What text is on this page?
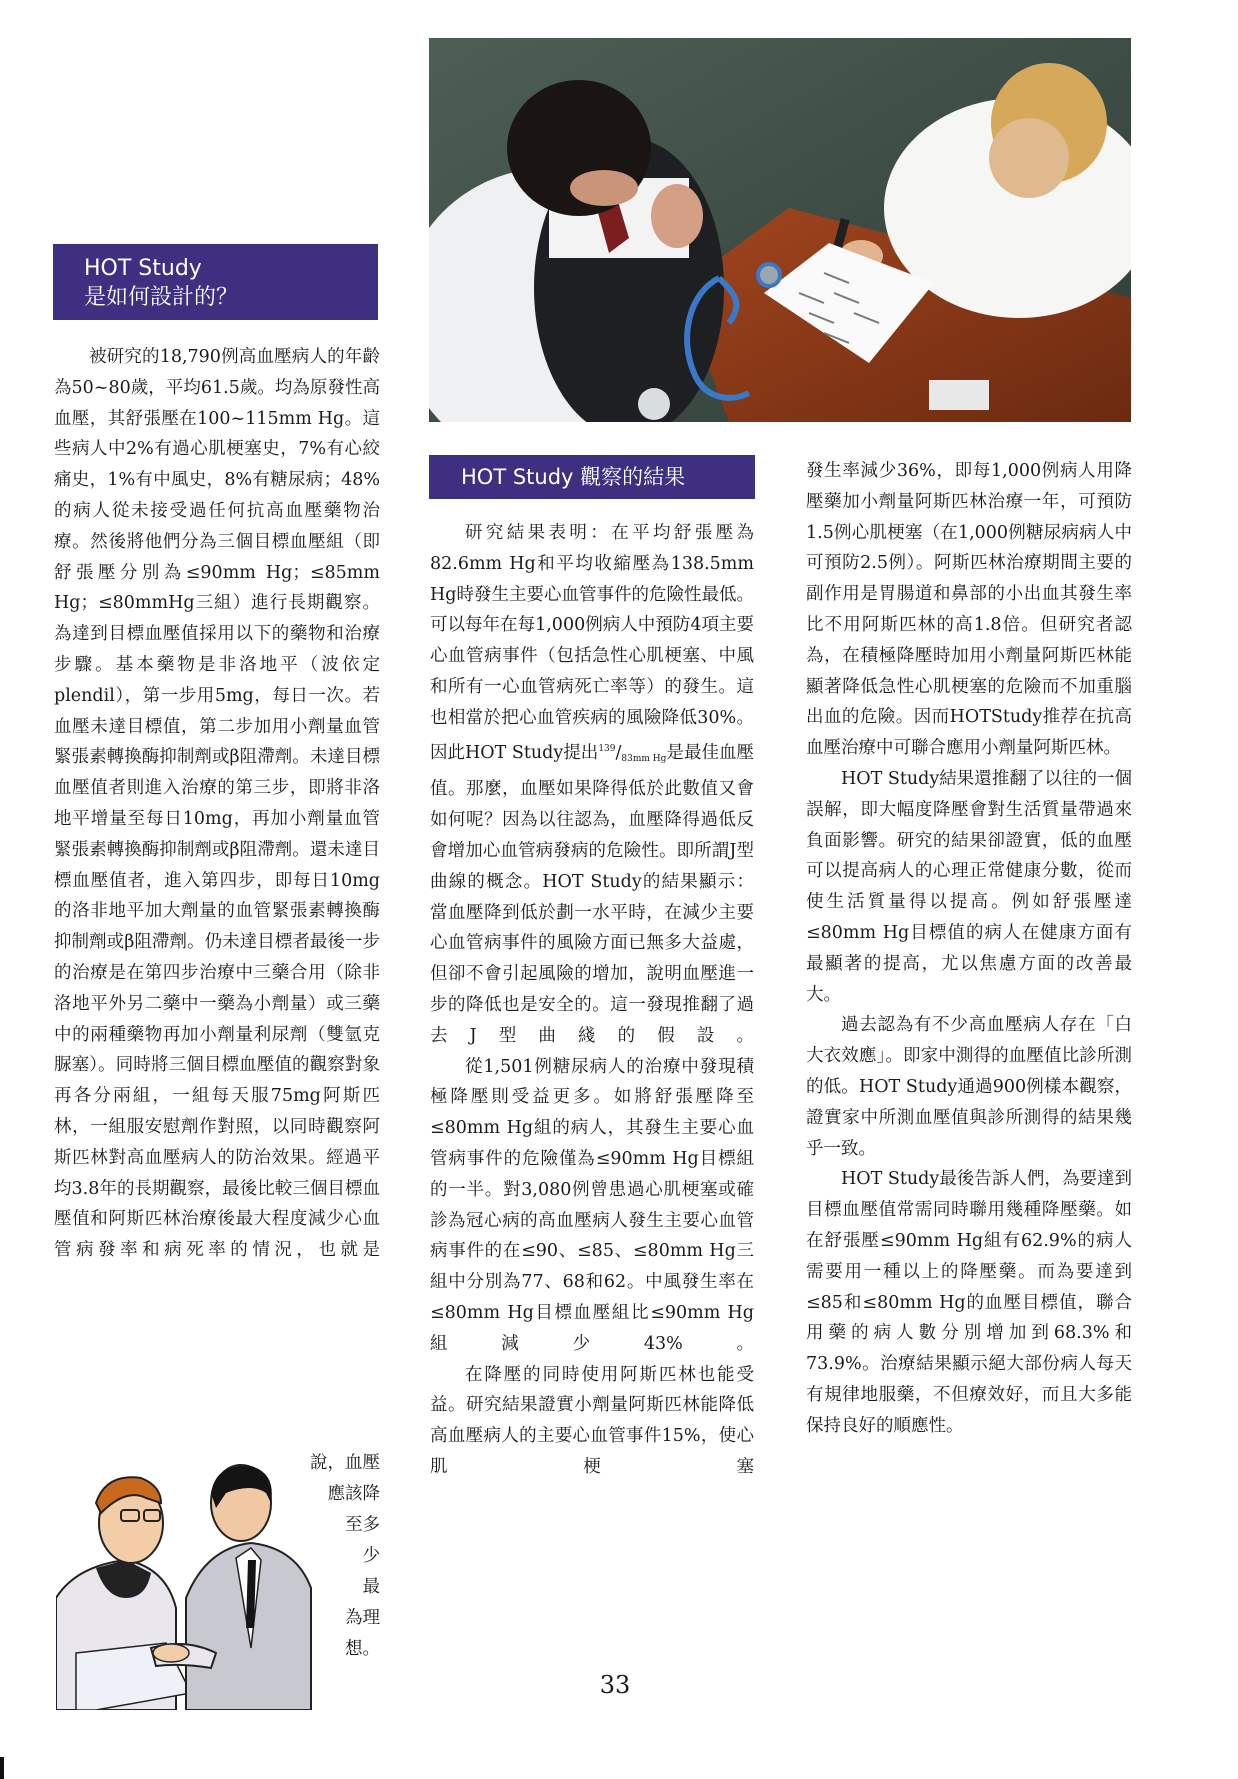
HOT Study
是如何設計的？

被研究的18,790例高血壓病人的年齡為50~80歲，平均61.5歲。均為原發性高血壓，其舒張壓在100~115mm Hg。這些病人中2%有過心肌梗塞史，7%有心絞痛史，1%有中風史，8%有糖尿病；48%的病人從未接受過任何抗高血壓藥物治療。然後將他們分為三個目標血壓組（即舒張壓分別為≤90mm Hg；≤85mm Hg；≤80mmHg三組）進行長期觀察。為達到目標血壓值採用以下的藥物和治療步驟。基本藥物是非洛地平（波依定plendil），第一步用5mg，每日一次。若血壓未達目標值，第二步加用小劑量血管緊張素轉換酶抑制劑或β阻滯劑。未達目標血壓值者則進入治療的第三步，即將非洛地平增量至每日10mg，再加小劑量血管緊張素轉換酶抑制劑或β阻滯劑。還未達目標血壓值者，進入第四步，即每日10mg的洛非地平加大劑量的血管緊張素轉換酶抑制劑或β阻滯劑。仍未達目標者最後一步的治療是在第四步治療中三藥合用（除非洛地平外另二藥中一藥為小劑量）或三藥中的兩種藥物再加小劑量利尿劑（雙氫克脲塞）。同時將三個目標血壓值的觀察對象再各分兩組，一組每天服75mg阿斯匹林，一組服安慰劑作對照，以同時觀察阿斯匹林對高血壓病人的防治效果。經過平均3.8年的長期觀察，最後比較三個目標血壓值和阿斯匹林治療後最大程度減少心血管病發率和病死率的情況，也就是

說，血壓
應該降
至多
少
最
為理
想。
HOT Study 觀察的結果

研究結果表明：在平均舒張壓為82.6mm Hg和平均收縮壓為138.5mm Hg時發生主要心血管事件的危險性最低。可以每年在每1,000例病人中預防4項主要心血管病事件（包括急性心肌梗塞、中風和所有一心血管病死亡率等）的發生。這也相當於把心血管疾病的風險降低30%。因此HOT Study提出$^{139}/_{83mm Hg}$是最佳血壓值。那麼，血壓如果降得低於此數值又會如何呢？因為以往認為，血壓降得過低反會增加心血管病發病的危險性。即所謂J型曲線的概念。HOT Study的結果顯示：當血壓降到低於劃一水平時，在減少主要心血管病事件的風險方面已無多大益處，但卻不會引起風險的增加，說明血壓進一步的降低也是安全的。這一發現推翻了過去J型曲綫的假設。

從1,501例糖尿病人的治療中發現積極降壓則受益更多。如將舒張壓降至≤80mm Hg組的病人，其發生主要心血管病事件的危險僅為≤90mm Hg目標組的一半。對3,080例曾患過心肌梗塞或確診為冠心病的高血壓病人發生主要心血管病事件的在≤90、≤85、≤80mm Hg三組中分別為77、68和62。中風發生率在≤80mm Hg目標血壓組比≤90mm Hg組減少43%。

在降壓的同時使用阿斯匹林也能受益。研究結果證實小劑量阿斯匹林能降低高血壓病人的主要心血管事件15%，使心肌梗塞

發生率減少36%，即每1,000例病人用降壓藥加小劑量阿斯匹林治療一年，可預防1.5例心肌梗塞（在1,000例糖尿病病人中可預防2.5例）。阿斯匹林治療期間主要的副作用是胃腸道和鼻部的小出血其發生率比不用阿斯匹林的高1.8倍。但研究者認為，在積極降壓時加用小劑量阿斯匹林能顯著降低急性心肌梗塞的危險而不加重腦出血的危險。因而HOTStudy推荐在抗高血壓治療中可聯合應用小劑量阿斯匹林。

HOT Study結果還推翻了以往的一個誤解，即大幅度降壓會對生活質量帶過來負面影響。研究的結果卻證實，低的血壓可以提高病人的心理正常健康分數，從而使生活質量得以提高。例如舒張壓達≤80mm Hg目標值的病人在健康方面有最顯著的提高，尤以焦慮方面的改善最大。

過去認為有不少高血壓病人存在「白大衣效應」。即家中測得的血壓值比診所測的低。HOT Study通過900例樣本觀察，證實家中所測血壓值與診所測得的結果幾乎一致。

HOT Study最後告訴人們，為要達到目標血壓值常需同時聯用幾種降壓藥。如在舒張壓≤90mm Hg組有62.9%的病人需要用一種以上的降壓藥。而為要達到≤85和≤80mm Hg的血壓目標值，聯合用藥的病人數分別增加到68.3%和73.9%。治療結果顯示絕大部份病人每天有規律地服藥，不但療效好，而且大多能保持良好的順應性。

33
